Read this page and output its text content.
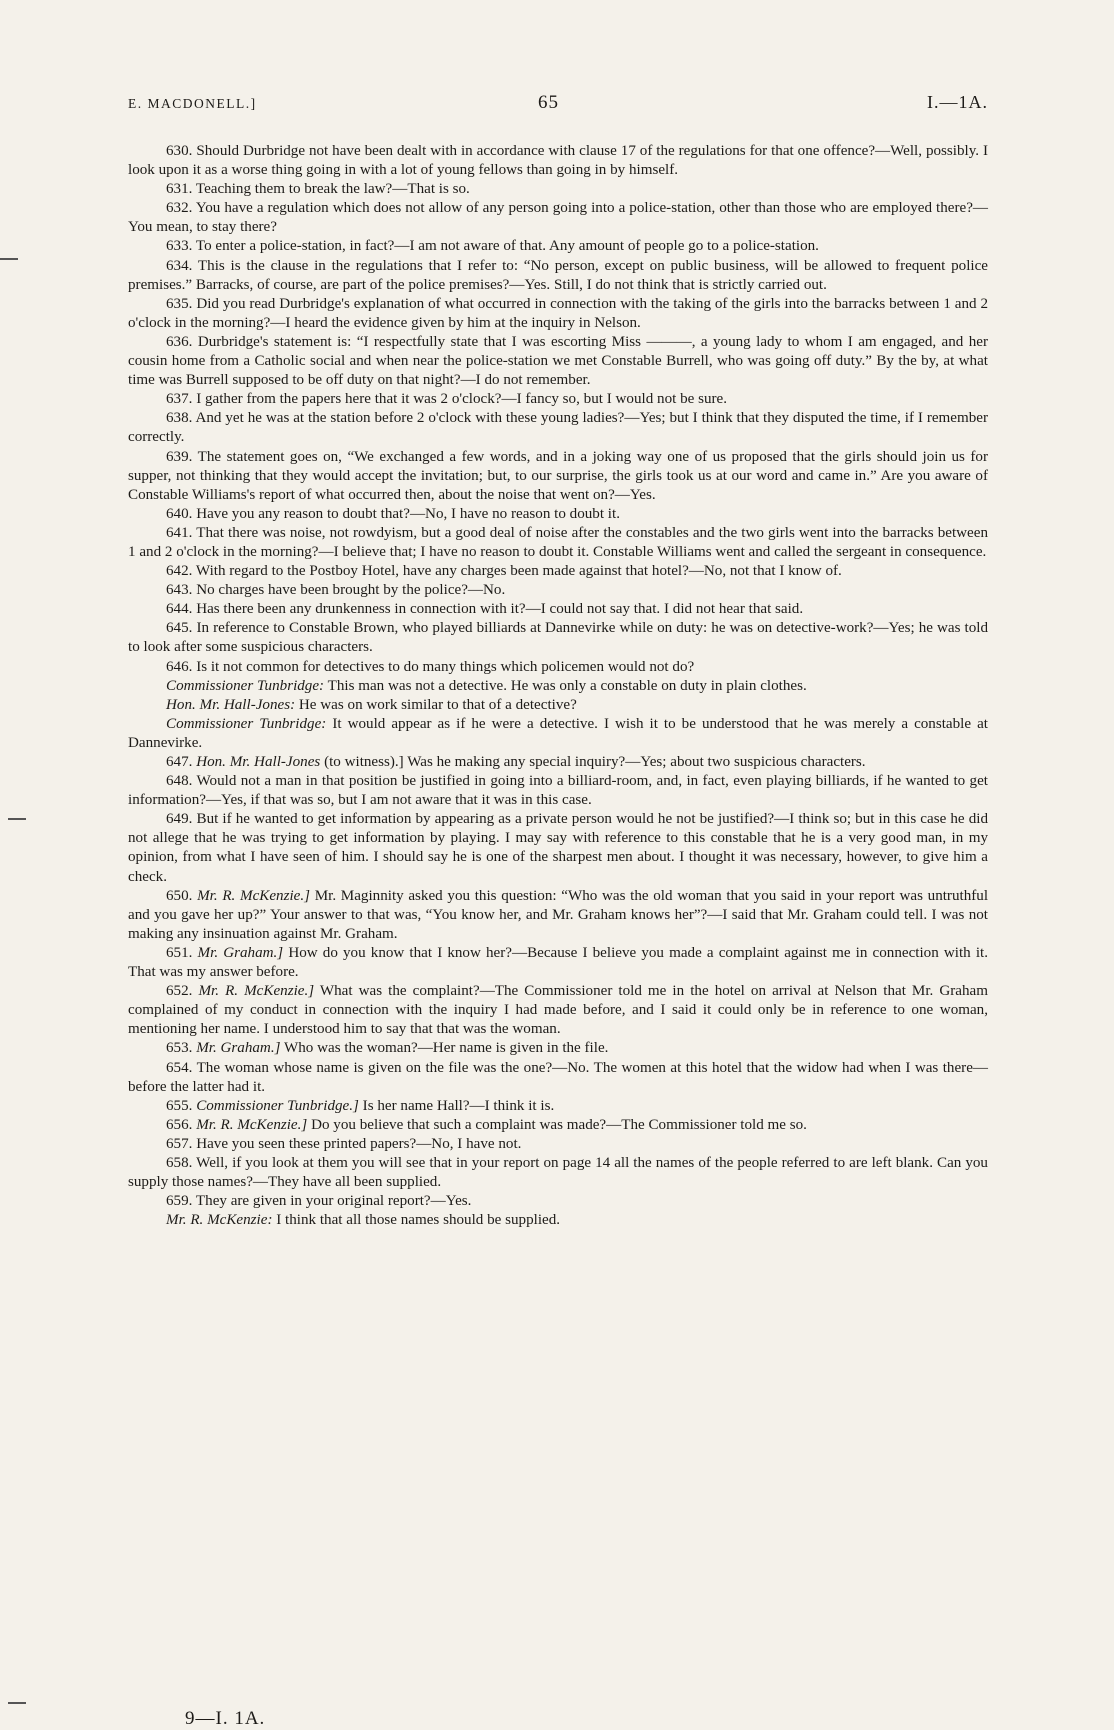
E. MACDONELL.]	65	I.—1A.

630. Should Durbridge not have been dealt with in accordance with clause 17 of the regulations for that one offence?—Well, possibly. I look upon it as a worse thing going in with a lot of young fellows than going in by himself.

631. Teaching them to break the law?—That is so.

632. You have a regulation which does not allow of any person going into a police-station, other than those who are employed there?—You mean, to stay there?

633. To enter a police-station, in fact?—I am not aware of that. Any amount of people go to a police-station.

634. This is the clause in the regulations that I refer to: “No person, except on public business, will be allowed to frequent police premises.” Barracks, of course, are part of the police premises?—Yes. Still, I do not think that is strictly carried out.

635. Did you read Durbridge's explanation of what occurred in connection with the taking of the girls into the barracks between 1 and 2 o'clock in the morning?—I heard the evidence given by him at the inquiry in Nelson.

636. Durbridge's statement is: “I respectfully state that I was escorting Miss ———, a young lady to whom I am engaged, and her cousin home from a Catholic social and when near the police-station we met Constable Burrell, who was going off duty.” By the by, at what time was Burrell supposed to be off duty on that night?—I do not remember.

637. I gather from the papers here that it was 2 o'clock?—I fancy so, but I would not be sure.

638. And yet he was at the station before 2 o'clock with these young ladies?—Yes; but I think that they disputed the time, if I remember correctly.

639. The statement goes on, “We exchanged a few words, and in a joking way one of us proposed that the girls should join us for supper, not thinking that they would accept the invitation; but, to our surprise, the girls took us at our word and came in.” Are you aware of Constable Williams's report of what occurred then, about the noise that went on?—Yes.

640. Have you any reason to doubt that?—No, I have no reason to doubt it.

641. That there was noise, not rowdyism, but a good deal of noise after the constables and the two girls went into the barracks between 1 and 2 o'clock in the morning?—I believe that; I have no reason to doubt it. Constable Williams went and called the sergeant in consequence.

642. With regard to the Postboy Hotel, have any charges been made against that hotel?—No, not that I know of.

643. No charges have been brought by the police?—No.

644. Has there been any drunkenness in connection with it?—I could not say that. I did not hear that said.

645. In reference to Constable Brown, who played billiards at Dannevirke while on duty: he was on detective-work?—Yes; he was told to look after some suspicious characters.

646. Is it not common for detectives to do many things which policemen would not do?

Commissioner Tunbridge: This man was not a detective. He was only a constable on duty in plain clothes.

Hon. Mr. Hall-Jones: He was on work similar to that of a detective?

Commissioner Tunbridge: It would appear as if he were a detective. I wish it to be understood that he was merely a constable at Dannevirke.

647. Hon. Mr. Hall-Jones (to witness).] Was he making any special inquiry?—Yes; about two suspicious characters.

648. Would not a man in that position be justified in going into a billiard-room, and, in fact, even playing billiards, if he wanted to get information?—Yes, if that was so, but I am not aware that it was in this case.

649. But if he wanted to get information by appearing as a private person would he not be justified?—I think so; but in this case he did not allege that he was trying to get information by playing. I may say with reference to this constable that he is a very good man, in my opinion, from what I have seen of him. I should say he is one of the sharpest men about. I thought it was necessary, however, to give him a check.

650. Mr. R. McKenzie.] Mr. Maginnity asked you this question: “Who was the old woman that you said in your report was untruthful and you gave her up?” Your answer to that was, “You know her, and Mr. Graham knows her”?—I said that Mr. Graham could tell. I was not making any insinuation against Mr. Graham.

651. Mr. Graham.] How do you know that I know her?—Because I believe you made a complaint against me in connection with it. That was my answer before.

652. Mr. R. McKenzie.] What was the complaint?—The Commissioner told me in the hotel on arrival at Nelson that Mr. Graham complained of my conduct in connection with the inquiry I had made before, and I said it could only be in reference to one woman, mentioning her name. I understood him to say that that was the woman.

653. Mr. Graham.] Who was the woman?—Her name is given in the file.

654. The woman whose name is given on the file was the one?—No. The women at this hotel that the widow had when I was there—before the latter had it.

655. Commissioner Tunbridge.] Is her name Hall?—I think it is.

656. Mr. R. McKenzie.] Do you believe that such a complaint was made?—The Commissioner told me so.

657. Have you seen these printed papers?—No, I have not.

658. Well, if you look at them you will see that in your report on page 14 all the names of the people referred to are left blank. Can you supply those names?—They have all been supplied.

659. They are given in your original report?—Yes.

Mr. R. McKenzie: I think that all those names should be supplied.

9—I. 1A.
